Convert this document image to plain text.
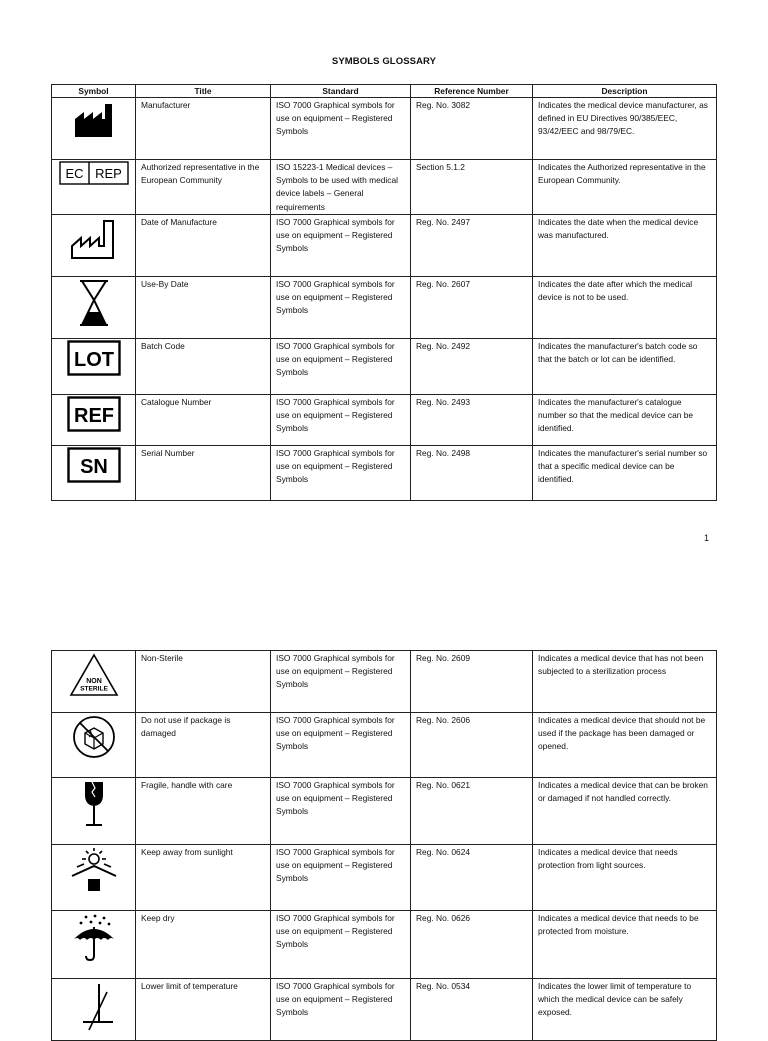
SYMBOLS GLOSSARY
Symbol	Title	Standard	Reference Number	Description

	Manufacturer	ISO 7000 Graphical symbols for use on equipment – Registered Symbols	Reg. No. 3082	Indicates the medical device manufacturer, as defined in EU Directives 90/385/EEC, 93/42/EEC and 98/79/EC.

EC REP	Authorized representative in the European Community	ISO 15223-1 Medical devices –Symbols to be used with medical device labels – General requirements	Section 5.1.2	Indicates the Authorized representative in the European Community.

	Date of Manufacture	ISO 7000 Graphical symbols for use on equipment – Registered Symbols	Reg. No. 2497	Indicates the date when the medical device was manufactured.

	Use-By Date	ISO 7000 Graphical symbols for use on equipment – Registered Symbols	Reg. No. 2607	Indicates the date after which the medical device is not to be used.

LOT	Batch Code	ISO 7000 Graphical symbols for use on equipment – Registered Symbols	Reg. No. 2492	Indicates the manufacturer's batch code so that the batch or lot can be identified.

REF	Catalogue Number	ISO 7000 Graphical symbols for use on equipment – Registered Symbols	Reg. No. 2493	Indicates the manufacturer's catalogue number so that the medical device can be identified.

SN	Serial Number	ISO 7000 Graphical symbols for use on equipment – Registered Symbols	Reg. No. 2498	Indicates the manufacturer's serial number so that a specific medical device can be identified.
1
NON
STERILE	Non-Sterile	ISO 7000 Graphical symbols for use on equipment – Registered Symbols	Reg. No. 2609	Indicates a medical device that has not been subjected to a sterilization process

	Do not use if package is damaged	ISO 7000 Graphical symbols for use on equipment – Registered Symbols	Reg. No. 2606	Indicates a medical device that should not be used if the package has been damaged or opened.

	Fragile, handle with care	ISO 7000 Graphical symbols for use on equipment – Registered Symbols	Reg. No. 0621	Indicates a medical device that can be broken or damaged if not handled correctly.

	Keep away from sunlight	ISO 7000 Graphical symbols for use on equipment – Registered Symbols	Reg. No. 0624	Indicates a medical device that needs protection from light sources.

	Keep dry	ISO 7000 Graphical symbols for use on equipment – Registered Symbols	Reg. No. 0626	Indicates a medical device that needs to be protected from moisture.

	Lower limit of temperature	ISO 7000 Graphical symbols for use on equipment – Registered Symbols	Reg. No. 0534	Indicates the lower limit of temperature to which the medical device can be safely exposed.
